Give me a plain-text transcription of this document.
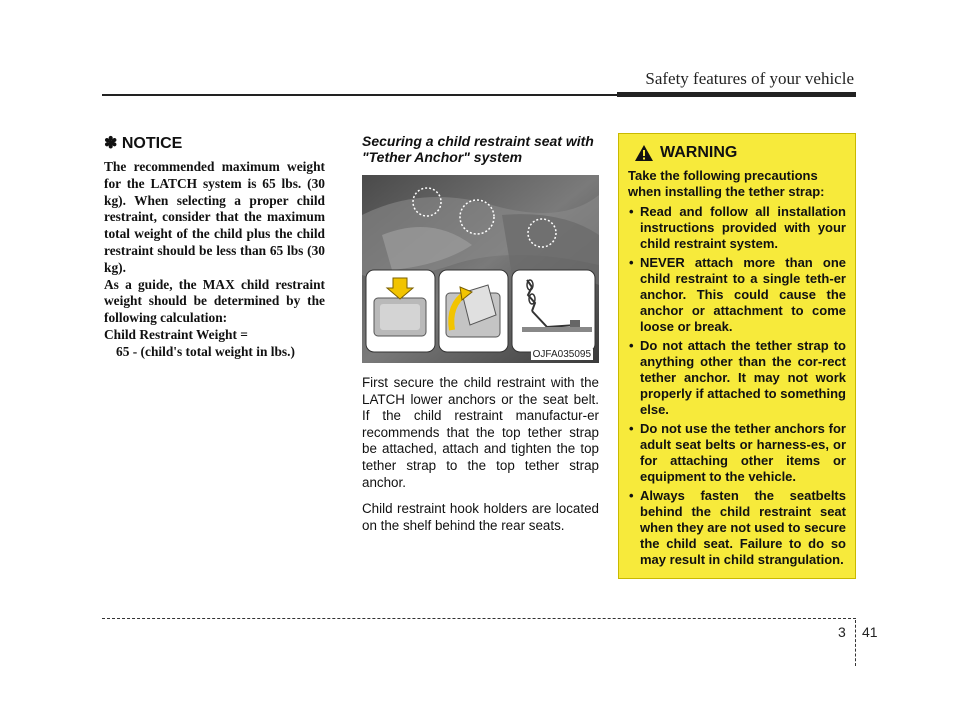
Safety features of your vehicle
✽ NOTICE

The recommended maximum weight for the LATCH system is 65 lbs. (30 kg). When selecting a proper child restraint, consider that the maximum total weight of the child plus the child restraint should be less than 65 lbs (30 kg).

As a guide, the MAX child restraint weight should be determined by the following calculation:

Child Restraint Weight =

65 - (child's total weight in lbs.)

Securing a child restraint seat with "Tether Anchor" system
OJFA035095

First secure the child restraint with the LATCH lower anchors or the seat belt. If the child restraint manufactur-er recommends that the top tether strap be attached, attach and tighten the top tether strap to the top tether strap anchor.

Child restraint hook holders are located on the shelf behind the rear seats.

WARNING

Take the following precautions when installing the tether strap:

• Read and follow all installation instructions provided with your child restraint system.
• NEVER attach more than one child restraint to a single teth-er anchor. This could cause the anchor or attachment to come loose or break.
• Do not attach the tether strap to anything other than the cor-rect tether anchor. It may not work properly if attached to something else.
• Do not use the tether anchors for adult seat belts or harness-es, or for attaching other items or equipment to the vehicle.
• Always fasten the seatbelts behind the child restraint seat when they are not used to secure the child seat. Failure to do so may result in child strangulation.
3 41
